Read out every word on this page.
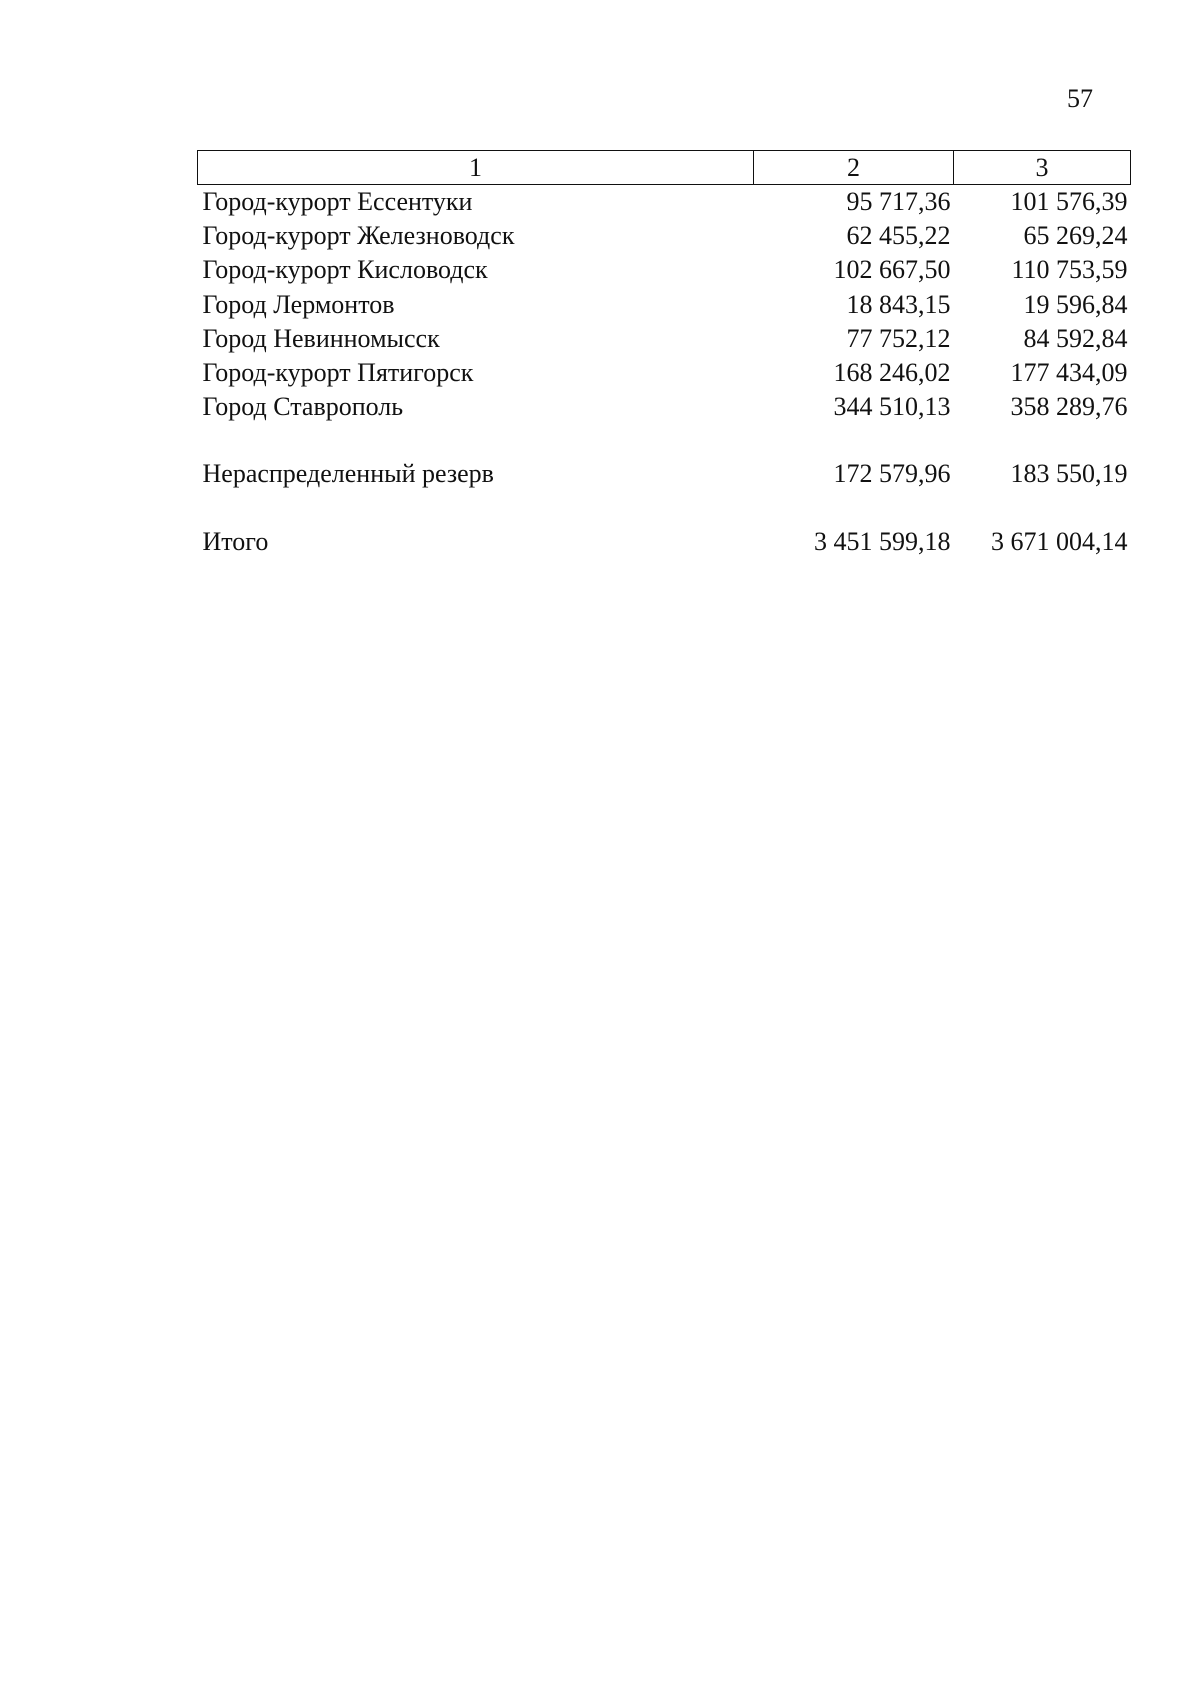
57
1	2	3
Город-курорт Ессентуки	95 717,36	101 576,39
Город-курорт Железноводск	62 455,22	65 269,24
Город-курорт Кисловодск	102 667,50	110 753,59
Город Лермонтов	18 843,15	19 596,84
Город Невинномысск	77 752,12	84 592,84
Город-курорт Пятигорск	168 246,02	177 434,09
Город Ставрополь	344 510,13	358 289,76

Нераспределенный резерв	172 579,96	183 550,19

Итого	3 451 599,18	3 671 004,14
